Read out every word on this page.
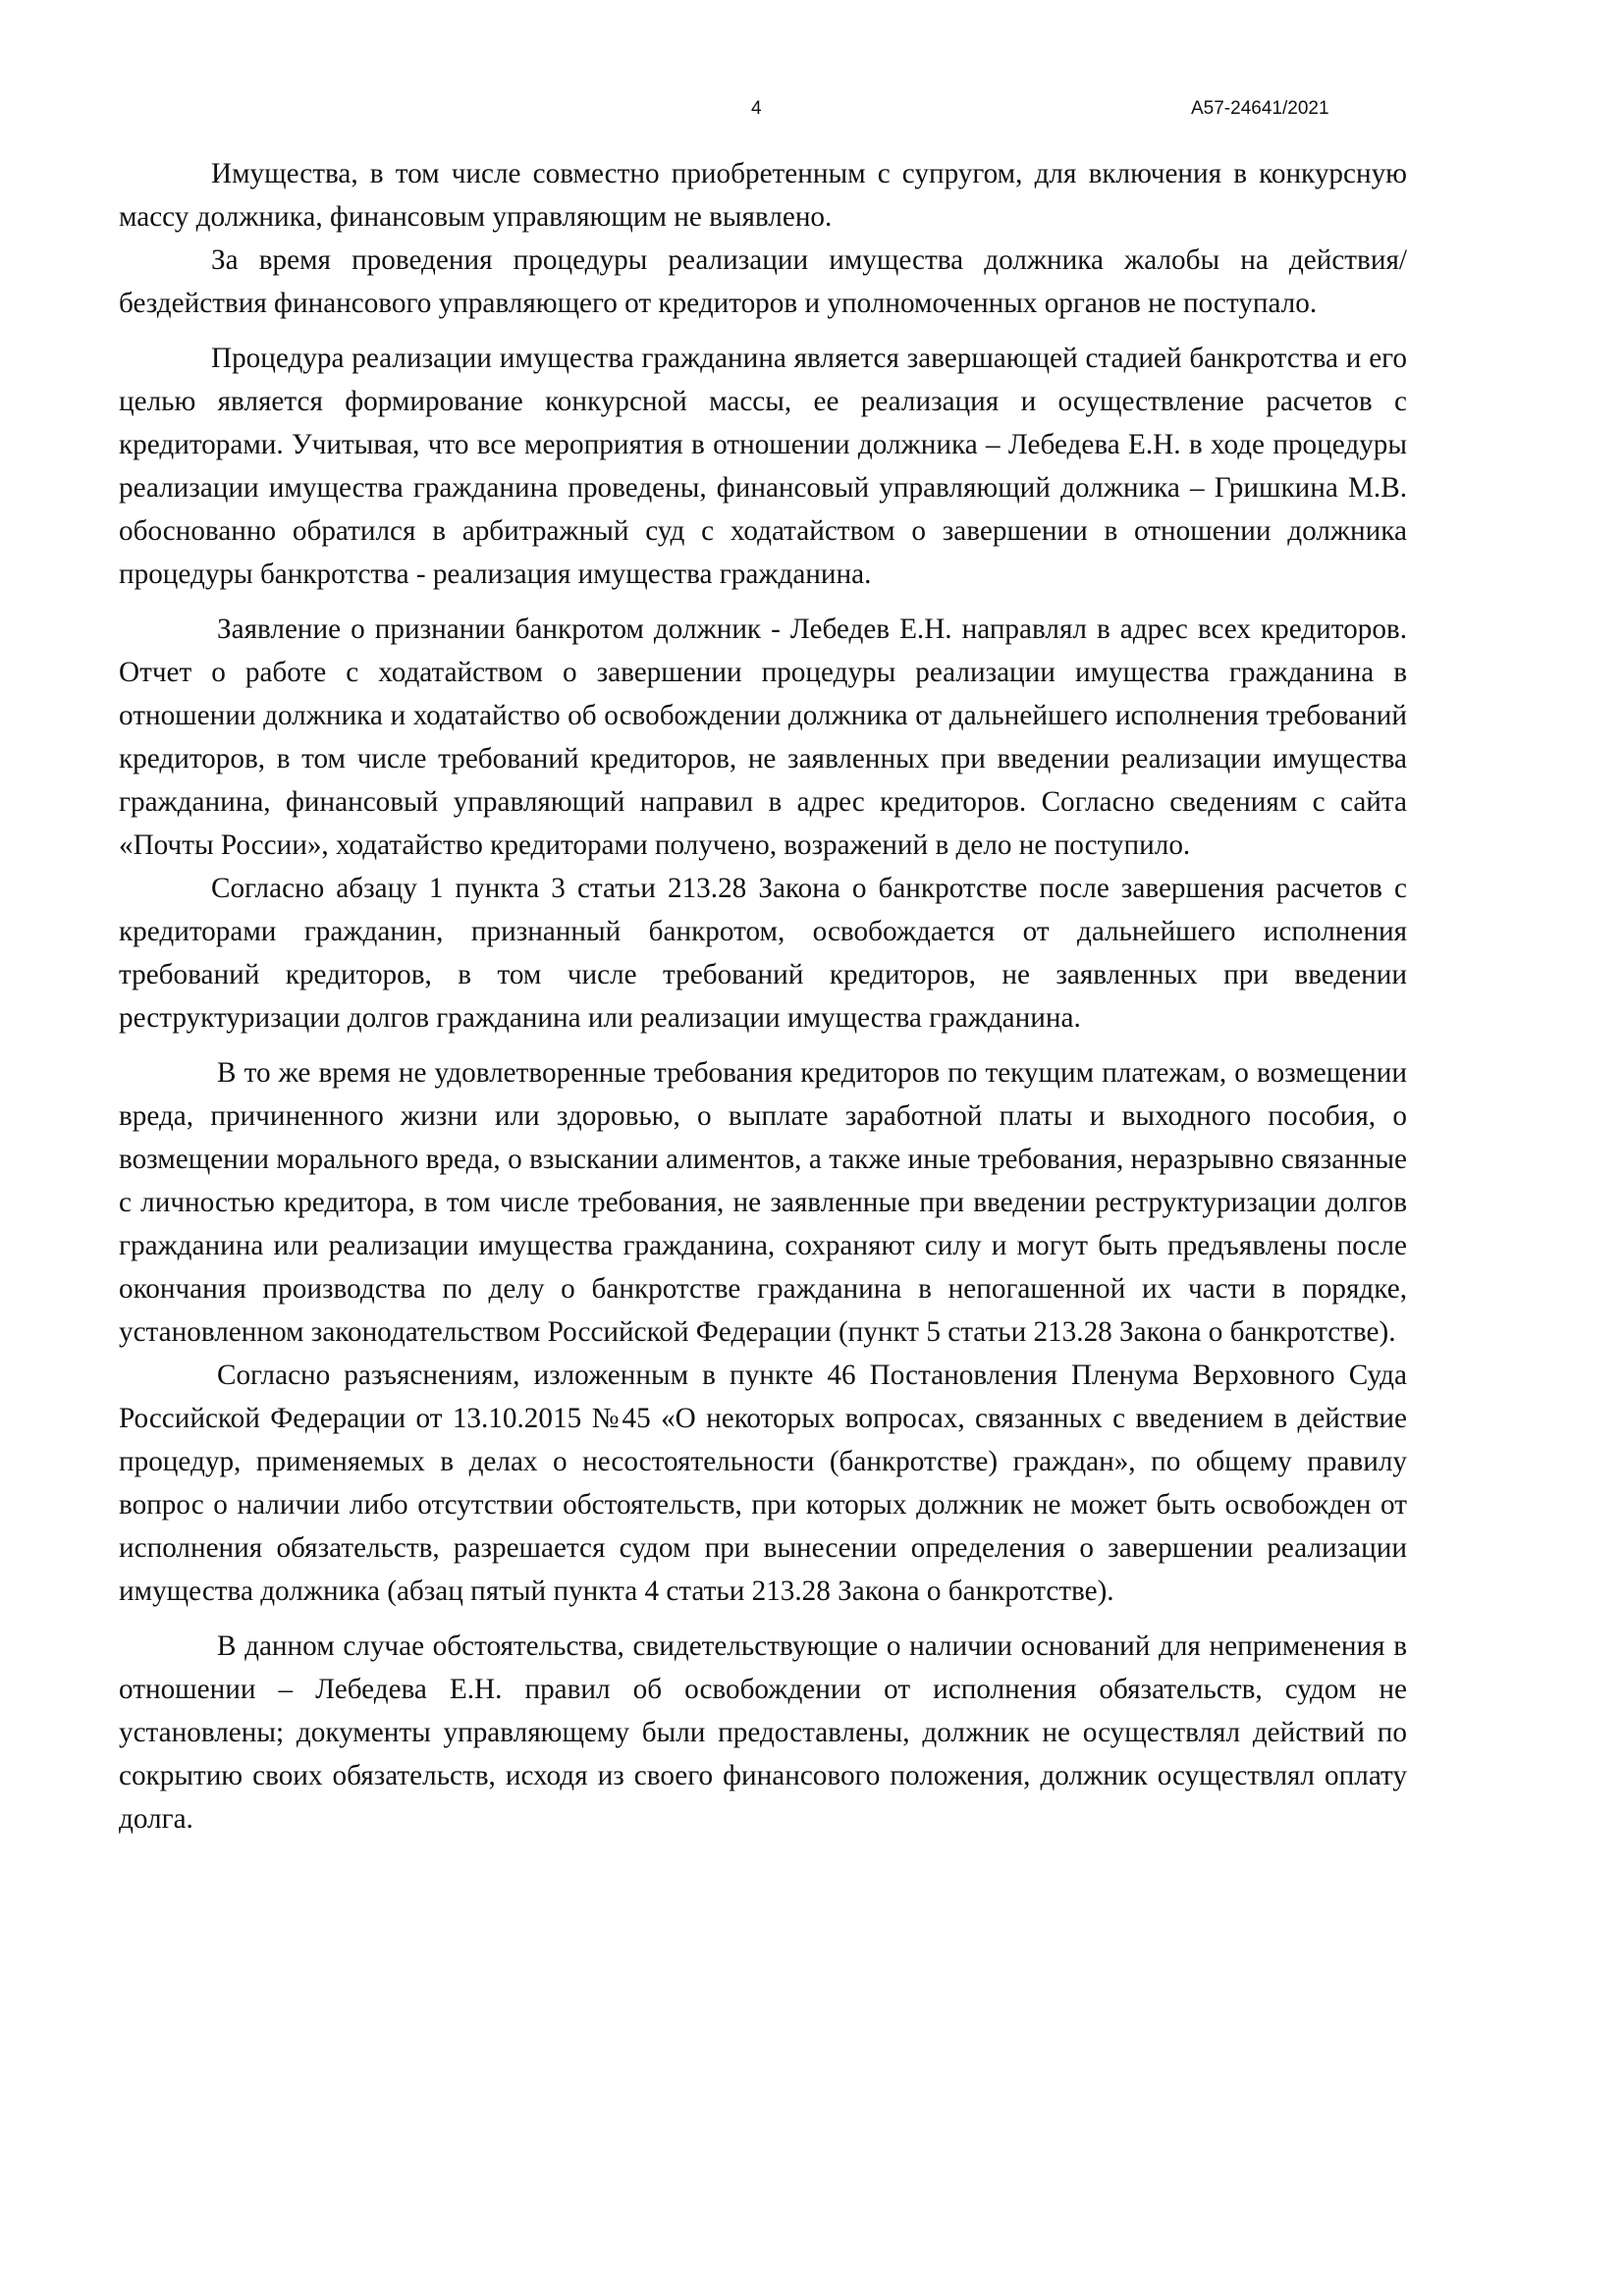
4	А57-24641/2021

Имущества, в том числе совместно приобретенным с супругом, для включения в конкурсную массу должника, финансовым управляющим не выявлено.

За время проведения процедуры реализации имущества должника жалобы на действия/бездействия финансового управляющего от кредиторов и уполномоченных органов не поступало.

Процедура реализации имущества гражданина является завершающей стадией банкротства и его целью является формирование конкурсной массы, ее реализация и осуществление расчетов с кредиторами. Учитывая, что все мероприятия в отношении должника – Лебедева Е.Н. в ходе процедуры реализации имущества гражданина проведены, финансовый управляющий должника – Гришкина М.В. обоснованно обратился в арбитражный суд с ходатайством о завершении в отношении должника процедуры банкротства - реализация имущества гражданина.

Заявление о признании банкротом должник - Лебедев Е.Н. направлял в адрес всех кредиторов. Отчет о работе с ходатайством о завершении процедуры реализации имущества гражданина в отношении должника и ходатайство об освобождении должника от дальнейшего исполнения требований кредиторов, в том числе требований кредиторов, не заявленных при введении реализации имущества гражданина, финансовый управляющий направил в адрес кредиторов. Согласно сведениям с сайта «Почты России», ходатайство кредиторами получено, возражений в дело не поступило.

Согласно абзацу 1 пункта 3 статьи 213.28 Закона о банкротстве после завершения расчетов с кредиторами гражданин, признанный банкротом, освобождается от дальнейшего исполнения требований кредиторов, в том числе требований кредиторов, не заявленных при введении реструктуризации долгов гражданина или реализации имущества гражданина.

В то же время не удовлетворенные требования кредиторов по текущим платежам, о возмещении вреда, причиненного жизни или здоровью, о выплате заработной платы и выходного пособия, о возмещении морального вреда, о взыскании алиментов, а также иные требования, неразрывно связанные с личностью кредитора, в том числе требования, не заявленные при введении реструктуризации долгов гражданина или реализации имущества гражданина, сохраняют силу и могут быть предъявлены после окончания производства по делу о банкротстве гражданина в непогашенной их части в порядке, установленном законодательством Российской Федерации (пункт 5 статьи 213.28 Закона о банкротстве).

Согласно разъяснениям, изложенным в пункте 46 Постановления Пленума Верховного Суда Российской Федерации от 13.10.2015 №45 «О некоторых вопросах, связанных с введением в действие процедур, применяемых в делах о несостоятельности (банкротстве) граждан», по общему правилу вопрос о наличии либо отсутствии обстоятельств, при которых должник не может быть освобожден от исполнения обязательств, разрешается судом при вынесении определения о завершении реализации имущества должника (абзац пятый пункта 4 статьи 213.28 Закона о банкротстве).

В данном случае обстоятельства, свидетельствующие о наличии оснований для неприменения в отношении – Лебедева Е.Н. правил об освобождении от исполнения обязательств, судом не установлены; документы управляющему были предоставлены, должник не осуществлял действий по сокрытию своих обязательств, исходя из своего финансового положения, должник осуществлял оплату долга.
